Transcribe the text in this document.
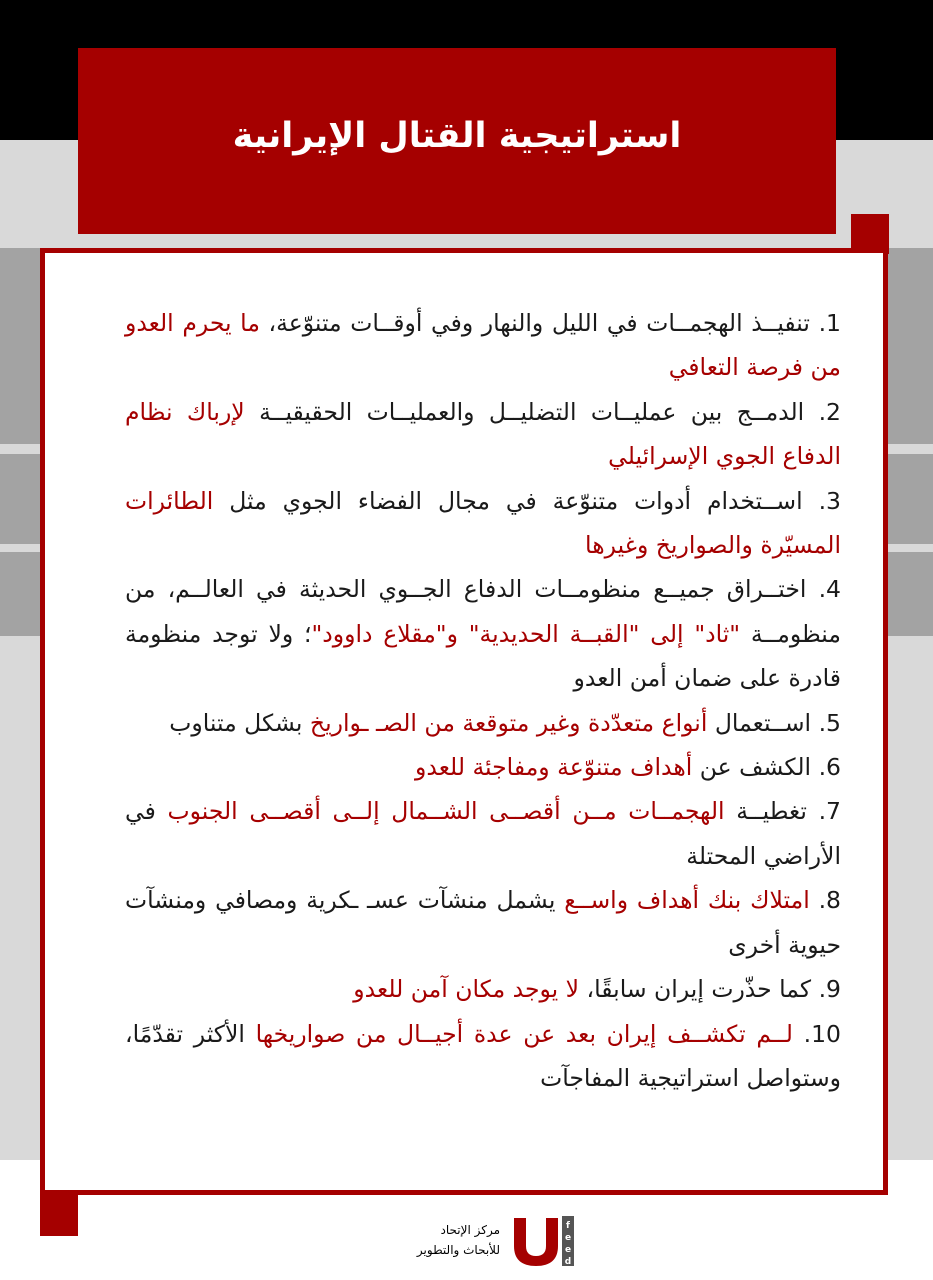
استراتيجية القتال الإيرانية

1. تنفيــذ الهجمــات في الليل والنهار وفي أوقــات متنوّعة، ما يحرم العدو من فرصة التعافي

2. الدمــج بين عمليــات التضليــل والعمليــات الحقيقيــة لإرباك نظام الدفاع الجوي الإسرائيلي

3. اســتخدام أدوات متنوّعة في مجال الفضاء الجوي مثل الطائرات المسيّرة والصواريخ وغيرها

4. اختــراق جميــع منظومــات الدفاع الجــوي الحديثة في العالــم، من منظومــة "ثاد" إلى "القبــة الحديدية" و"مقلاع داوود"؛ ولا توجد منظومة قادرة على ضمان أمن العدو

5. اســتعمال أنواع متعدّدة وغير متوقعة من الصـ ـواريخ بشكل متناوب

6. الكشف عن أهداف متنوّعة ومفاجئة للعدو

7. تغطيــة الهجمــات مــن أقصــى الشــمال إلــى أقصــى الجنوب في الأراضي المحتلة

8. امتلاك بنك أهداف واســع يشمل منشآت عسـ ـكرية ومصافي ومنشآت حيوية أخرى

9. كما حذّرت إيران سابقًا، لا يوجد مكان آمن للعدو

10. لــم تكشــف إيران بعد عن عدة أجيــال من صواريخها الأكثر تقدّمًا، وستواصل استراتيجية المفاجآت

مركز الإتحاد
للأبحاث والتطوير
f
e
e
d
